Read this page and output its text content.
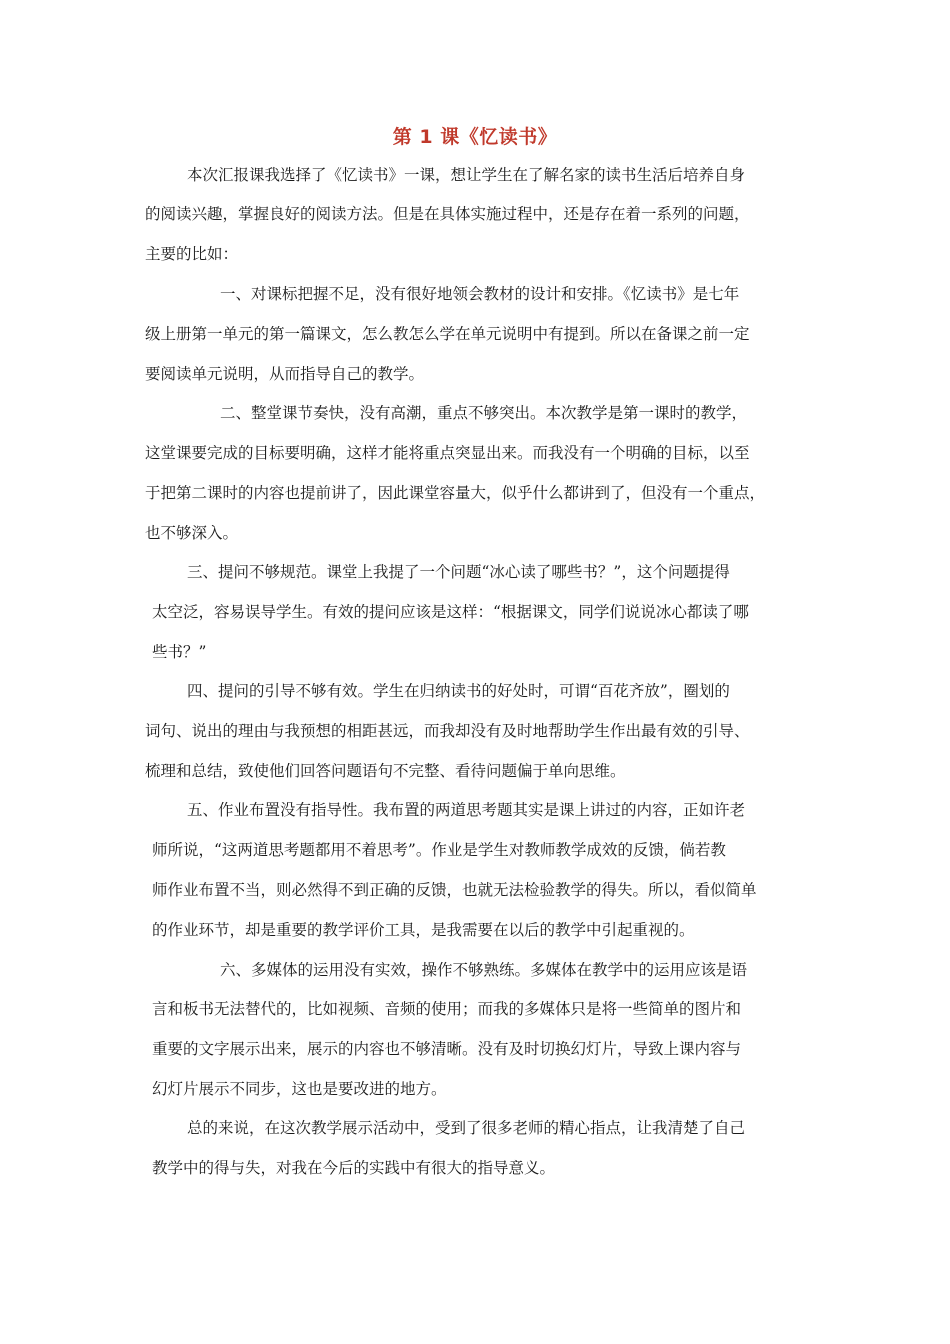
第 1 课《忆读书》
本次汇报课我选择了《忆读书》一课，想让学生在了解名家的读书生活后培养自身
的阅读兴趣，掌握良好的阅读方法。但是在具体实施过程中，还是存在着一系列的问题，
主要的比如：
一、对课标把握不足，没有很好地领会教材的设计和安排。《忆读书》是七年
级上册第一单元的第一篇课文，怎么教怎么学在单元说明中有提到。所以在备课之前一定
要阅读单元说明，从而指导自己的教学。
二、整堂课节奏快，没有高潮，重点不够突出。本次教学是第一课时的教学，
这堂课要完成的目标要明确，这样才能将重点突显出来。而我没有一个明确的目标，以至
于把第二课时的内容也提前讲了，因此课堂容量大，似乎什么都讲到了，但没有一个重点，
也不够深入。
三、提问不够规范。课堂上我提了一个问题“冰心读了哪些书？”，这个问题提得
太空泛，容易误导学生。有效的提问应该是这样：“根据课文，同学们说说冰心都读了哪
些书？”
四、提问的引导不够有效。学生在归纳读书的好处时，可谓“百花齐放”，圈划的
词句、说出的理由与我预想的相距甚远，而我却没有及时地帮助学生作出最有效的引导、
梳理和总结，致使他们回答问题语句不完整、看待问题偏于单向思维。
五、作业布置没有指导性。我布置的两道思考题其实是课上讲过的内容，正如许老
师所说，“这两道思考题都用不着思考”。作业是学生对教师教学成效的反馈，倘若教
师作业布置不当，则必然得不到正确的反馈，也就无法检验教学的得失。所以，看似简单
的作业环节，却是重要的教学评价工具，是我需要在以后的教学中引起重视的。
六、多媒体的运用没有实效，操作不够熟练。多媒体在教学中的运用应该是语
言和板书无法替代的，比如视频、音频的使用；而我的多媒体只是将一些简单的图片和
重要的文字展示出来，展示的内容也不够清晰。没有及时切换幻灯片，导致上课内容与
幻灯片展示不同步，这也是要改进的地方。
总的来说，在这次教学展示活动中，受到了很多老师的精心指点，让我清楚了自己
教学中的得与失，对我在今后的实践中有很大的指导意义。
